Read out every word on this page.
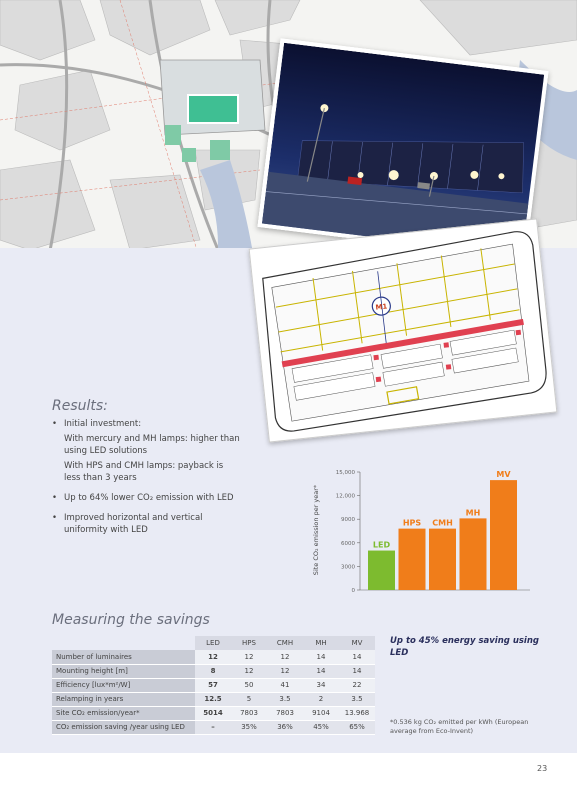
M1
Results:
• Initial investment:
With mercury and MH lamps: higher than using LED solutions
With HPS and CMH lamps: payback is less than 3 years
• Up to 64% lower CO₂ emission with LED
• Improved horizontal and vertical uniformity with LED	Site CO₂ emission per year*
0
3000
6000
9000
12,000
15,000
LED
HPS CMH
MH
MV
Measuring the savings
	LED	HPS	CMH	MH	MV
Number of luminaires	12	12	12	14	14
Mounting height [m]	8	12	12	14	14
Efficiency [lux*m²/W]	57	50	41	34	22
Relamping in years	12.5	5	3.5	2	3.5
Site CO₂ emission/year*	5014	7803	7803	9104	13.968
CO₂ emission saving /year using LED	–	35%	36%	45%	65%
Up to 45% energy saving using LED
*0.536 kg CO₂ emitted per kWh (European average from Eco-Invent)
23
